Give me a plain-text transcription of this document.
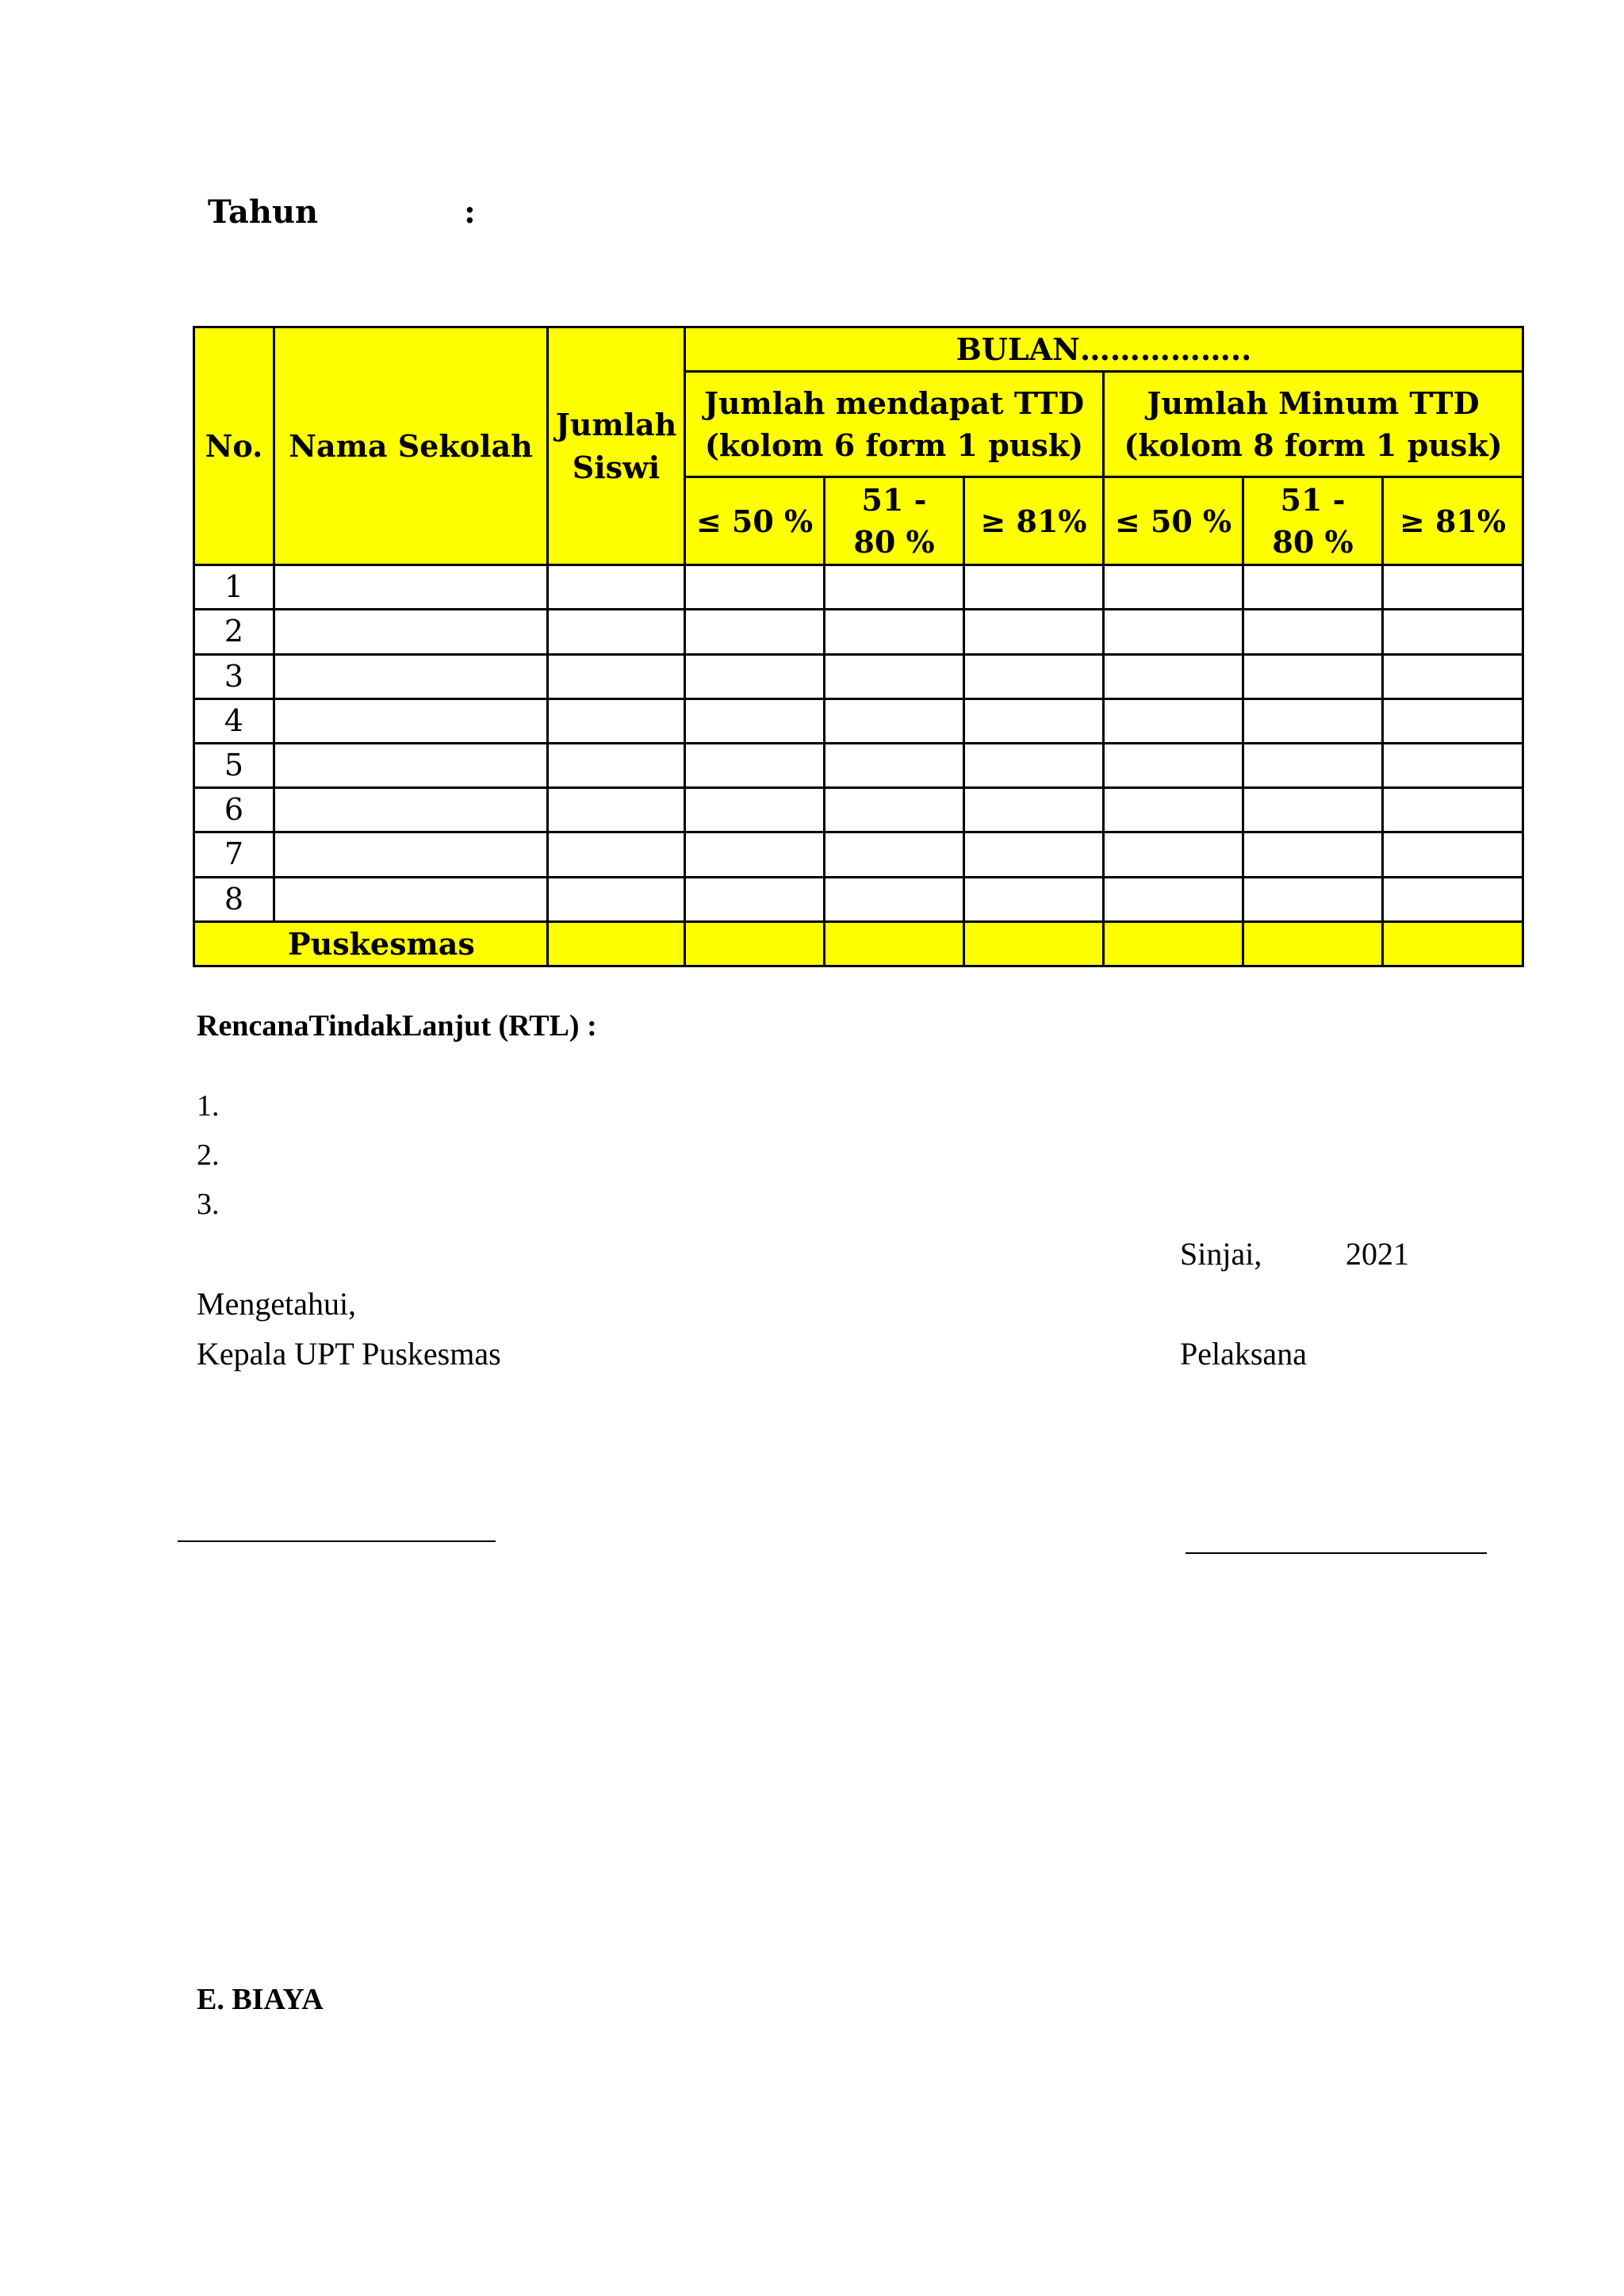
Tahun	:
No.	Nama Sekolah	Jumlah Siswi	BULAN……………..					
			Jumlah mendapat TTD (kolom 6 form 1 pusk)			Jumlah Minum TTD (kolom 8 form 1 pusk)		
			≤ 50 %	51 - 80 %	≥ 81%	≤ 50 %	51 - 80 %	≥ 81%
1								
2								
3								
4								
5								
6								
7								
8								
Puskesmas								
RencanaTindakLanjut (RTL) :
1.
2.
3.
Sinjai,	2021
Mengetahui,
Kepala UPT Puskesmas	Pelaksana
E. BIAYA
